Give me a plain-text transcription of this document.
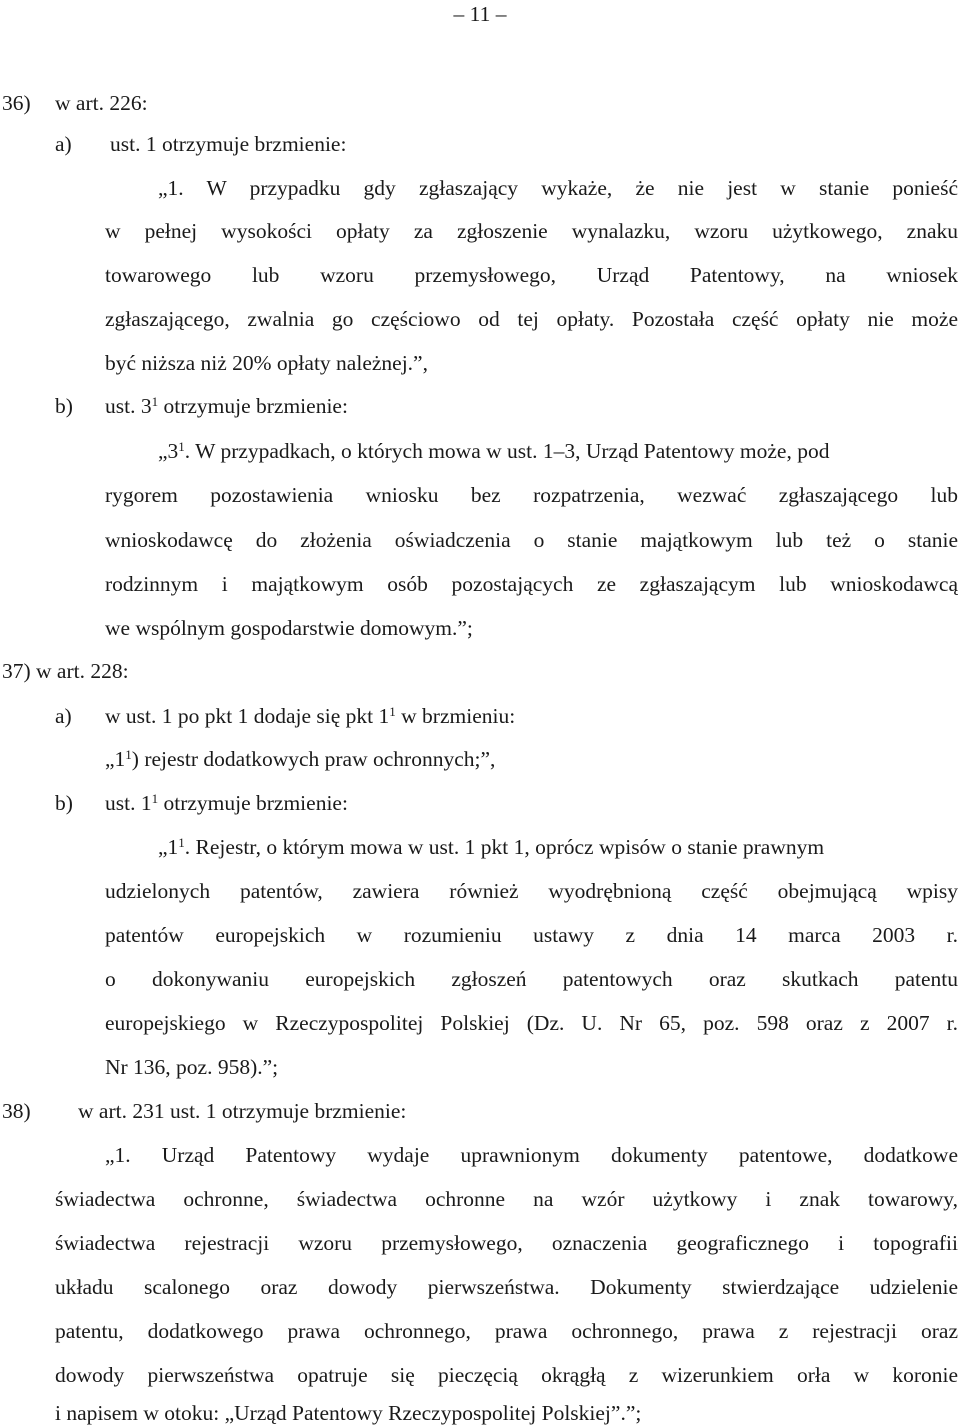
– 11 –

36) w art. 226:

a) ust. 1 otrzymuje brzmienie:

„1. W przypadku gdy zgłaszający wykaże, że nie jest w stanie ponieść

w pełnej wysokości opłaty za zgłoszenie wynalazku, wzoru użytkowego, znaku

towarowego lub wzoru przemysłowego, Urząd Patentowy, na wniosek

zgłaszającego, zwalnia go częściowo od tej opłaty. Pozostała część opłaty nie może

być niższa niż 20% opłaty należnej.”,

b) ust. $3^1$ otrzymuje brzmienie:

$„3^1$. W przypadkach, o których mowa w ust. 1–3, Urząd Patentowy może, pod

rygorem pozostawienia wniosku bez rozpatrzenia, wezwać zgłaszającego lub

wnioskodawcę do złożenia oświadczenia o stanie majątkowym lub też o stanie

rodzinnym i majątkowym osób pozostających ze zgłaszającym lub wnioskodawcą

we wspólnym gospodarstwie domowym.”;

37) w art. 228:

a) w ust. 1 po pkt 1 dodaje się pkt $1^1$ w brzmieniu:

$„1^1$) rejestr dodatkowych praw ochronnych;”,

b) ust. $1^1$ otrzymuje brzmienie:

$„1^1$. Rejestr, o którym mowa w ust. 1 pkt 1, oprócz wpisów o stanie prawnym

udzielonych patentów, zawiera również wyodrębnioną część obejmującą wpisy

patentów europejskich w rozumieniu ustawy z dnia 14 marca 2003 r.

o dokonywaniu europejskich zgłoszeń patentowych oraz skutkach patentu

europejskiego w Rzeczypospolitej Polskiej (Dz. U. Nr 65, poz. 598 oraz z 2007 r.

Nr 136, poz. 958).”;

38) w art. 231 ust. 1 otrzymuje brzmienie:

„1. Urząd Patentowy wydaje uprawnionym dokumenty patentowe, dodatkowe

świadectwa ochronne, świadectwa ochronne na wzór użytkowy i znak towarowy,

świadectwa rejestracji wzoru przemysłowego, oznaczenia geograficznego i topografii

układu scalonego oraz dowody pierwszeństwa. Dokumenty stwierdzające udzielenie

patentu, dodatkowego prawa ochronnego, prawa ochronnego, prawa z rejestracji oraz

dowody pierwszeństwa opatruje się pieczęcią okrągłą z wizerunkiem orła w koronie

i napisem w otoku: „Urząd Patentowy Rzeczypospolitej Polskiej”.”;
